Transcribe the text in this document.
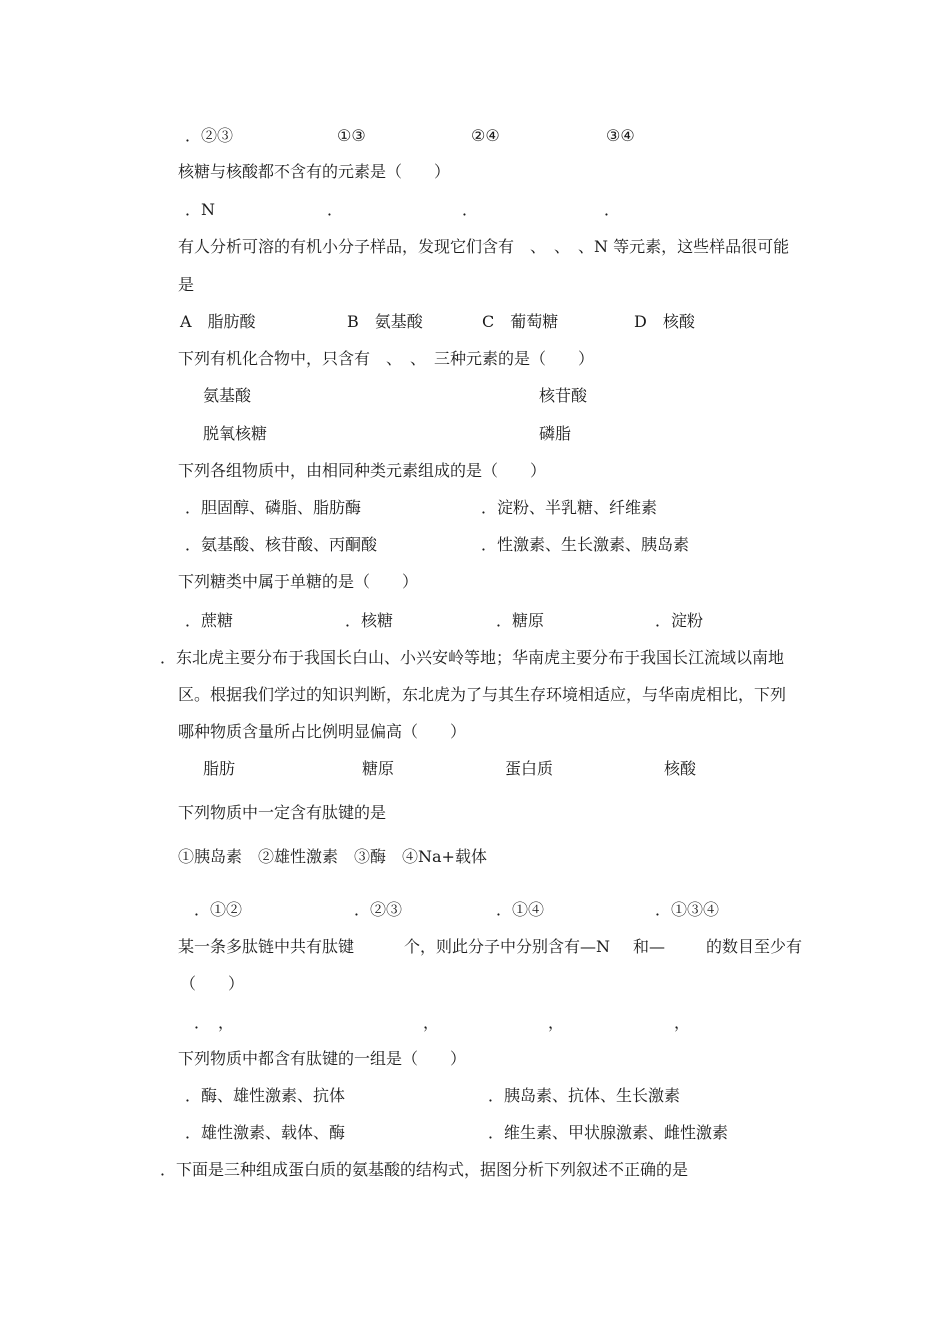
．②③	①③	②④	③④
核糖与核酸都不含有的元素是（　　）
．N	．	．	．
有人分析可溶的有机小分子样品，发现它们含有　、　、　、N 等元素，这些样品很可能
是
A　脂肪酸	B　氨基酸	C　葡萄糖	D　核酸
下列有机化合物中，只含有　、　、　三种元素的是（　　）
氨基酸	核苷酸
脱氧核糖	磷脂
下列各组物质中，由相同种类元素组成的是（　　）
．胆固醇、磷脂、脂肪酶	．淀粉、半乳糖、纤维素
．氨基酸、核苷酸、丙酮酸	．性激素、生长激素、胰岛素
下列糖类中属于单糖的是（　　）
．蔗糖	．核糖	．糖原	．淀粉
．东北虎主要分布于我国长白山、小兴安岭等地；华南虎主要分布于我国长江流域以南地
区。根据我们学过的知识判断，东北虎为了与其生存环境相适应，与华南虎相比，下列
哪种物质含量所占比例明显偏高（　　）
脂肪	糖原	蛋白质	核酸
下列物质中一定含有肽键的是
①胰岛素　②雄性激素　③酶　④Na+载体
．①②	．②③	．①④	．①③④
某一条多肽链中共有肽键	个，则此分子中分别含有—N 和—	的数目至少有
（　　）
．　，	，	，	，
下列物质中都含有肽键的一组是（　　）
．酶、雄性激素、抗体	．胰岛素、抗体、生长激素
．雄性激素、载体、酶	．维生素、甲状腺激素、雌性激素
．下面是三种组成蛋白质的氨基酸的结构式，据图分析下列叙述不正确的是
